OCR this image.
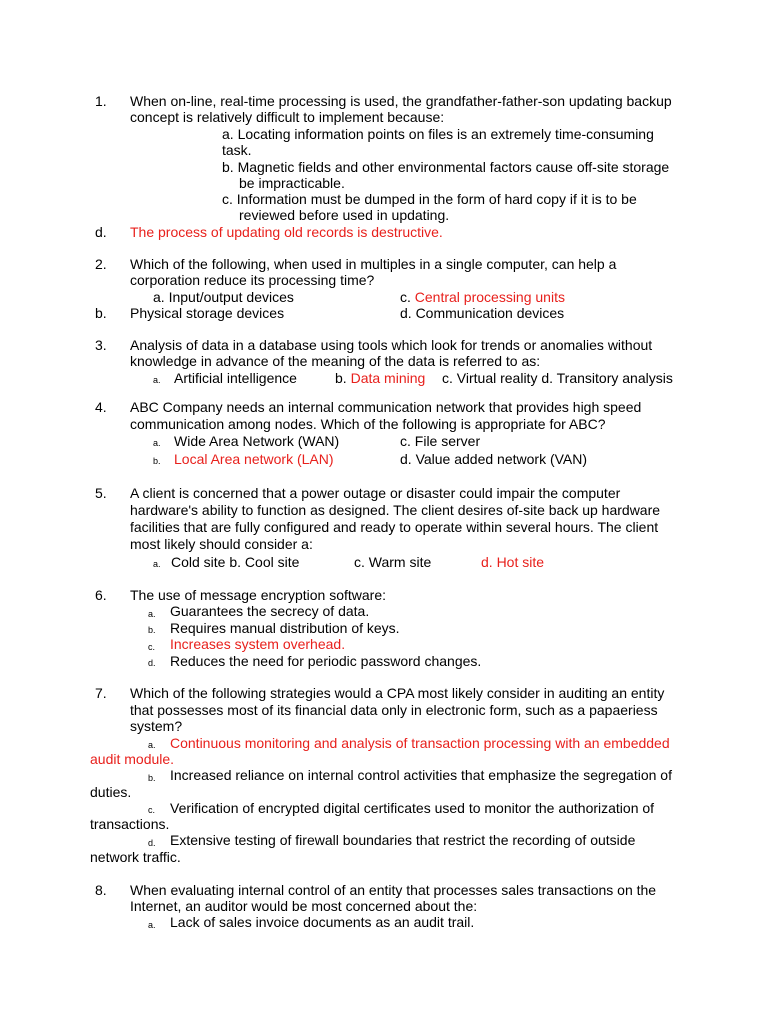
1. When on-line, real-time processing is used, the grandfather-father-son updating backup
concept is relatively difficult to implement because:
a. Locating information points on files is an extremely time-consuming
task.
b. Magnetic fields and other environmental factors cause off-site storage
be impracticable.
c. Information must be dumped in the form of hard copy if it is to be
reviewed before used in updating.
d. The process of updating old records is destructive.
2. Which of the following, when used in multiples in a single computer, can help a
corporation reduce its processing time?
a. Input/output devices	c. Central processing units
b. Physical storage devices	d. Communication devices
3. Analysis of data in a database using tools which look for trends or anomalies without
knowledge in advance of the meaning of the data is referred to as:
a. Artificial intelligence	b. Data mining c. Virtual reality d. Transitory analysis
4. ABC Company needs an internal communication network that provides high speed
communication among nodes. Which of the following is appropriate for ABC?
a. Wide Area Network (WAN)	c. File server
b. Local Area network (LAN)	d. Value added network (VAN)
5. A client is concerned that a power outage or disaster could impair the computer
hardware's ability to function as designed. The client desires of-site back up hardware
facilities that are fully configured and ready to operate within several hours. The client
most likely should consider a:
a. Cold site b. Cool site	c. Warm site	d. Hot site
6. The use of message encryption software:
a. Guarantees the secrecy of data.
b. Requires manual distribution of keys.
c. Increases system overhead.
d. Reduces the need for periodic password changes.
7. Which of the following strategies would a CPA most likely consider in auditing an entity
that possesses most of its financial data only in electronic form, such as a papaeriess
system?
a. Continuous monitoring and analysis of transaction processing with an embedded
audit module.
b. Increased reliance on internal control activities that emphasize the segregation of
duties.
c. Verification of encrypted digital certificates used to monitor the authorization of
transactions.
d. Extensive testing of firewall boundaries that restrict the recording of outside
network traffic.
8. When evaluating internal control of an entity that processes sales transactions on the
Internet, an auditor would be most concerned about the:
a. Lack of sales invoice documents as an audit trail.
